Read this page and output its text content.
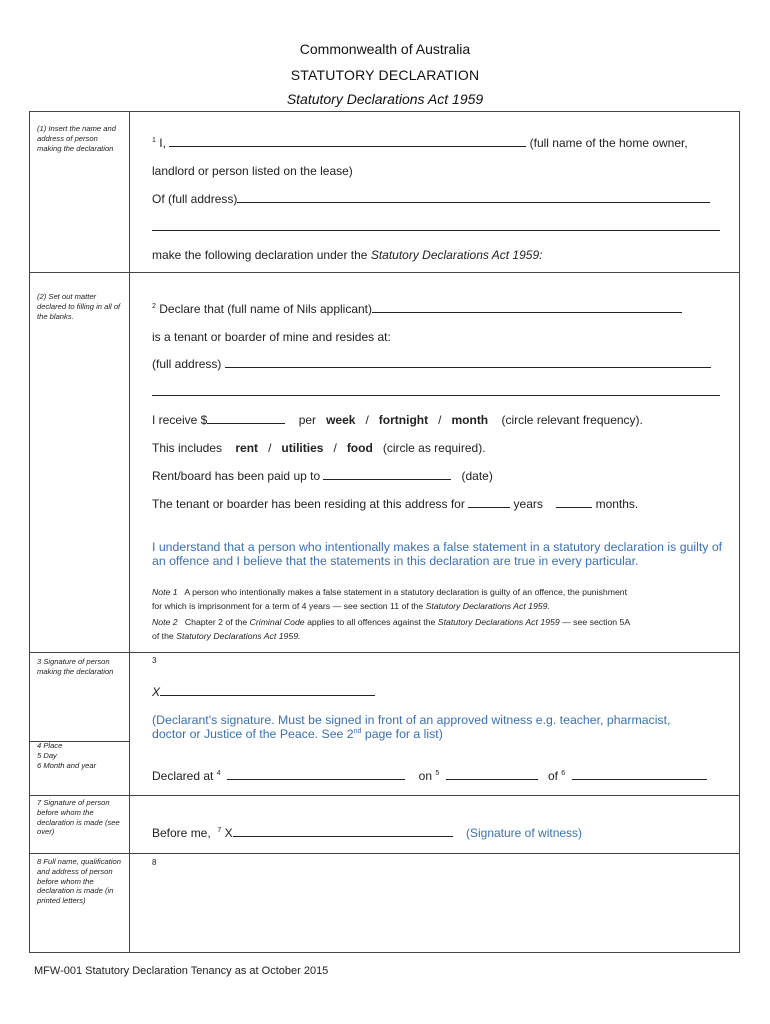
Commonwealth of Australia
STATUTORY DECLARATION
Statutory Declarations Act 1959
(1) Insert the name and address of person making the declaration
(2) Set out matter declared to filling in all of the blanks.
3 Signature of person making the declaration
4 Place
5 Day
6 Month and year
7 Signature of person before whom the declaration is made (see over)
8 Full name, qualification and address of person before whom the declaration is made (in printed letters)
$^1$ I,	(full name of the home owner,
landlord or person listed on the lease)
Of (full address)
make the following declaration under the Statutory Declarations Act 1959:
$^2$ Declare that (full name of Nils applicant)
is a tenant or boarder of mine and resides at:
(full address)
I receive $	per week / fortnight / month (circle relevant frequency).
This includes rent / utilities / food (circle as required).
Rent/board has been paid up to	(date)
The tenant or boarder has been residing at this address for	years	months.
I understand that a person who intentionally makes a false statement in a statutory declaration is guilty of an offence and I believe that the statements in this declaration are true in every particular.
Note 1 A person who intentionally makes a false statement in a statutory declaration is guilty of an offence, the punishment
for which is imprisonment for a term of 4 years — see section 11 of the Statutory Declarations Act 1959.
Note 2 Chapter 2 of the Criminal Code applies to all offences against the Statutory Declarations Act 1959 — see section 5A
of the Statutory Declarations Act 1959.
3
X
(Declarant's signature. Must be signed in front of an approved witness e.g. teacher, pharmacist,
doctor or Justice of the Peace. See 2nd page for a list)
Declared at $^4$	on $^5$	of $^6$
Before me, $^7$ X	(Signature of witness)
8
MFW-001 Statutory Declaration Tenancy as at October 2015
